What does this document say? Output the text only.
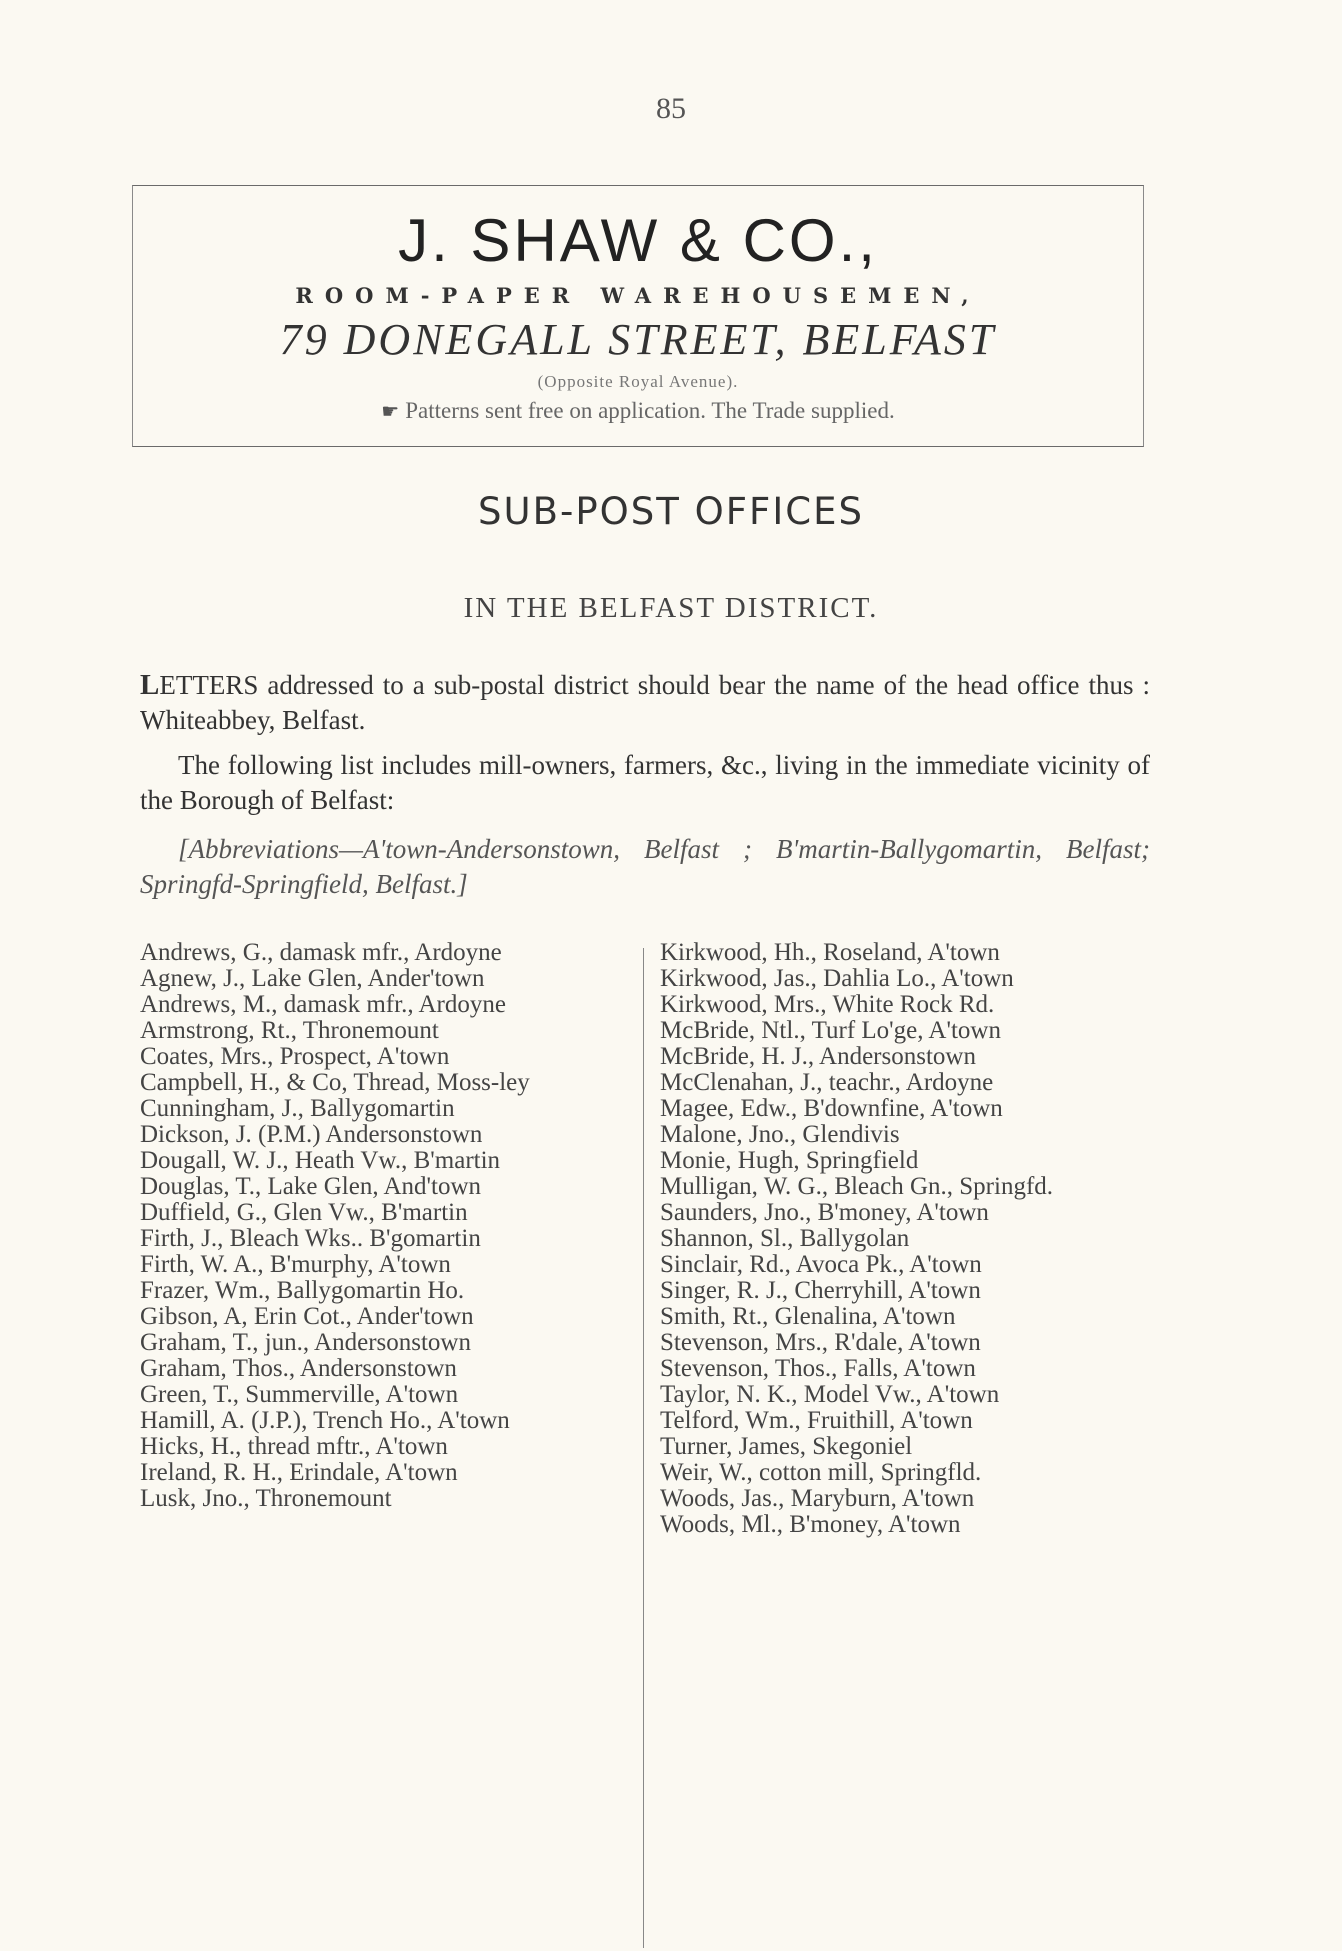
85
J. SHAW & CO.,
ROOM-PAPER WAREHOUSEMEN,
79 DONEGALL STREET, BELFAST
(Opposite Royal Avenue).
☛ Patterns sent free on application. The Trade supplied.
SUB-POST OFFICES
IN THE BELFAST DISTRICT.

LETTERS addressed to a sub-postal district should bear the name of the head office thus : Whiteabbey, Belfast.

The following list includes mill-owners, farmers, &c., living in the immediate vicinity of the Borough of Belfast:

[Abbreviations—A'town-Andersonstown, Belfast ; B'martin-Ballygomartin, Belfast; Springfd-Springfield, Belfast.]

Andrews, G., damask mfr., Ardoyne
Agnew, J., Lake Glen, Ander'town
Andrews, M., damask mfr., Ardoyne
Armstrong, Rt., Thronemount
Coates, Mrs., Prospect, A'town
Campbell, H., & Co, Thread, Moss-ley
Cunningham, J., Ballygomartin
Dickson, J. (P.M.) Andersonstown
Dougall, W. J., Heath Vw., B'martin
Douglas, T., Lake Glen, And'town
Duffield, G., Glen Vw., B'martin
Firth, J., Bleach Wks.. B'gomartin
Firth, W. A., B'murphy, A'town
Frazer, Wm., Ballygomartin Ho.
Gibson, A, Erin Cot., Ander'town
Graham, T., jun., Andersonstown
Graham, Thos., Andersonstown
Green, T., Summerville, A'town
Hamill, A. (J.P.), Trench Ho., A'town
Hicks, H., thread mftr., A'town
Ireland, R. H., Erindale, A'town
Lusk, Jno., Thronemount
Kirkwood, Hh., Roseland, A'town
Kirkwood, Jas., Dahlia Lo., A'town
Kirkwood, Mrs., White Rock Rd.
McBride, Ntl., Turf Lo'ge, A'town
McBride, H. J., Andersonstown
McClenahan, J., teachr., Ardoyne
Magee, Edw., B'downfine, A'town
Malone, Jno., Glendivis
Monie, Hugh, Springfield
Mulligan, W. G., Bleach Gn., Springfd.
Saunders, Jno., B'money, A'town
Shannon, Sl., Ballygolan
Sinclair, Rd., Avoca Pk., A'town
Singer, R. J., Cherryhill, A'town
Smith, Rt., Glenalina, A'town
Stevenson, Mrs., R'dale, A'town
Stevenson, Thos., Falls, A'town
Taylor, N. K., Model Vw., A'town
Telford, Wm., Fruithill, A'town
Turner, James, Skegoniel
Weir, W., cotton mill, Springfld.
Woods, Jas., Maryburn, A'town
Woods, Ml., B'money, A'town
